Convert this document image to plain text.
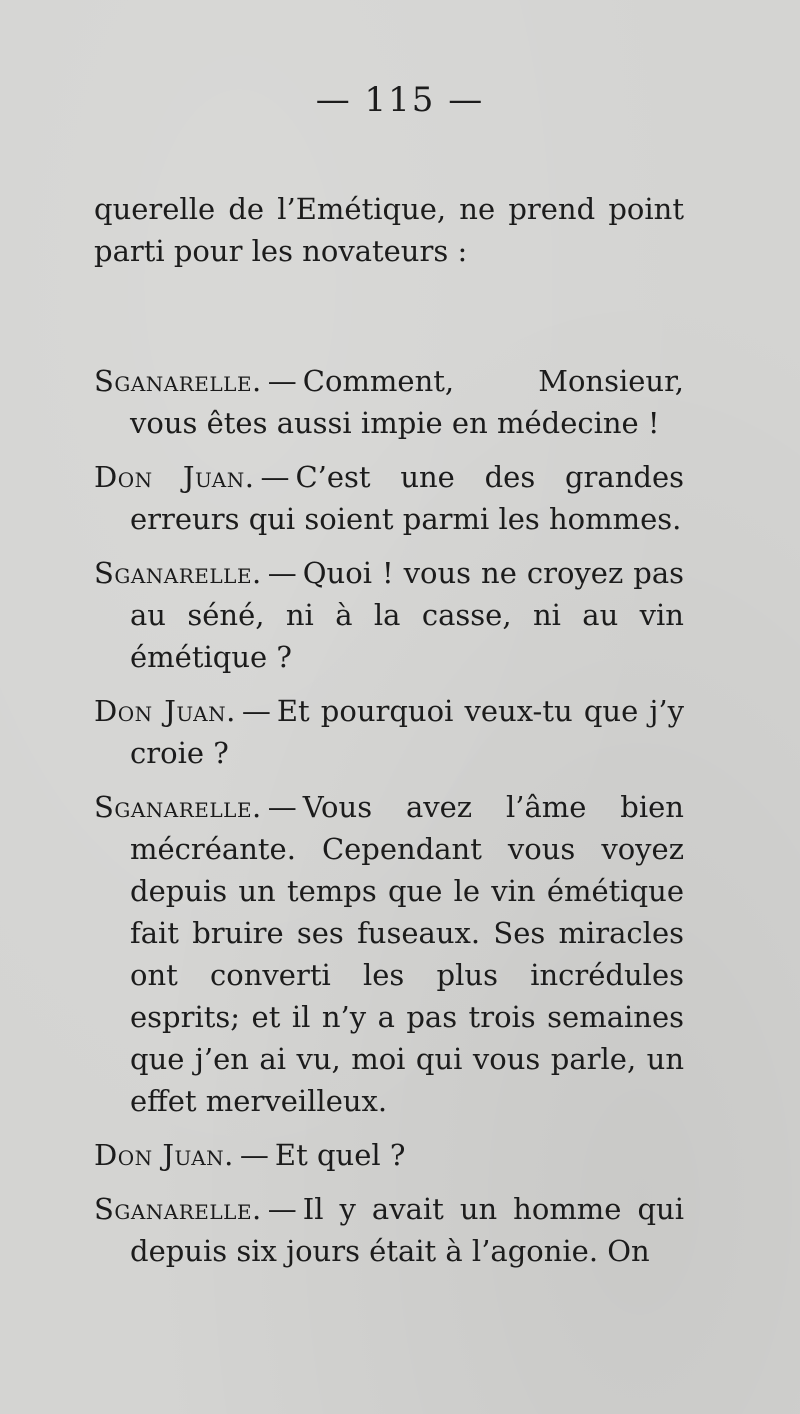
— 115 —
querelle de l’Emétique, ne prend point
parti pour les novateurs :

Sganarelle. — Comment, Monsieur, vous êtes aussi impie en médecine !

Don Juan. — C’est une des grandes erreurs qui soient parmi les hommes.

Sganarelle. — Quoi ! vous ne croyez pas au séné, ni à la casse, ni au vin émétique ?

Don Juan. — Et pourquoi veux-tu que j’y croie ?

Sganarelle. — Vous avez l’âme bien mécréante. Cependant vous voyez depuis un temps que le vin émétique fait bruire ses fuseaux. Ses miracles ont converti les plus incrédules esprits; et il n’y a pas trois semaines que j’en ai vu, moi qui vous parle, un effet merveilleux.

Don Juan. — Et quel ?

Sganarelle. — Il y avait un homme qui depuis six jours était à l’agonie. On
